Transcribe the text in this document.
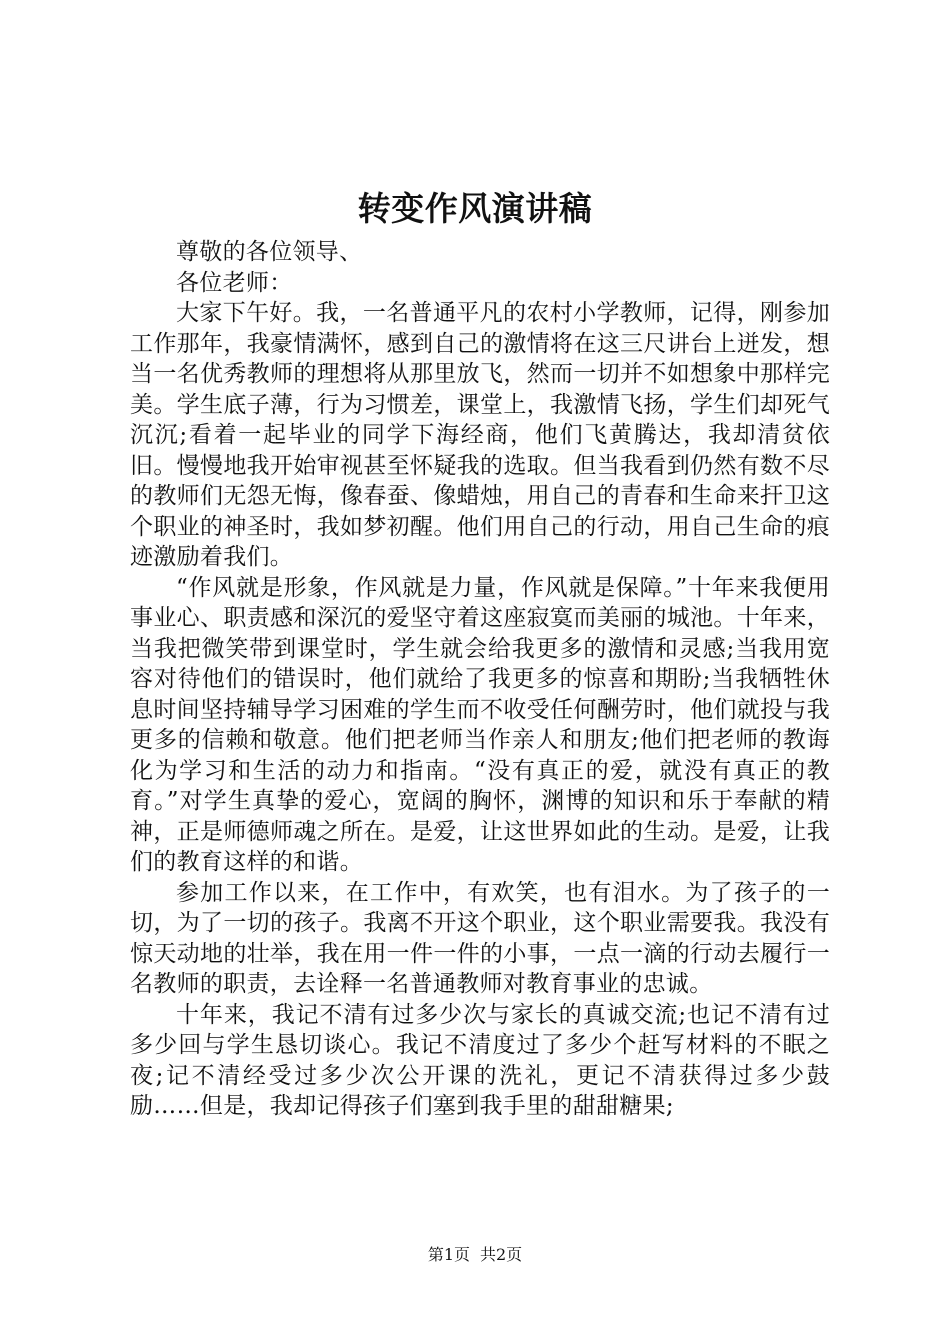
转变作风演讲稿

尊敬的各位领导、

各位老师：

大家下午好。我，一名普通平凡的农村小学教师，记得，刚参加工作那年，我豪情满怀，感到自己的激情将在这三尺讲台上迸发，想当一名优秀教师的理想将从那里放飞，然而一切并不如想象中那样完美。学生底子薄，行为习惯差，课堂上，我激情飞扬，学生们却死气沉沉;看着一起毕业的同学下海经商，他们飞黄腾达，我却清贫依旧。慢慢地我开始审视甚至怀疑我的选取。但当我看到仍然有数不尽的教师们无怨无悔，像春蚕、像蜡烛，用自己的青春和生命来扞卫这个职业的神圣时，我如梦初醒。他们用自己的行动，用自己生命的痕迹激励着我们。

“作风就是形象，作风就是力量，作风就是保障。”十年来我便用事业心、职责感和深沉的爱坚守着这座寂寞而美丽的城池。十年来，当我把微笑带到课堂时，学生就会给我更多的激情和灵感;当我用宽容对待他们的错误时，他们就给了我更多的惊喜和期盼;当我牺牲休息时间坚持辅导学习困难的学生而不收受任何酬劳时，他们就投与我更多的信赖和敬意。他们把老师当作亲人和朋友;他们把老师的教诲化为学习和生活的动力和指南。“没有真正的爱，就没有真正的教育。”对学生真挚的爱心，宽阔的胸怀，渊博的知识和乐于奉献的精神，正是师德师魂之所在。是爱，让这世界如此的生动。是爱，让我们的教育这样的和谐。

参加工作以来，在工作中，有欢笑，也有泪水。为了孩子的一切，为了一切的孩子。我离不开这个职业，这个职业需要我。我没有惊天动地的壮举，我在用一件一件的小事，一点一滴的行动去履行一名教师的职责，去诠释一名普通教师对教育事业的忠诚。

十年来，我记不清有过多少次与家长的真诚交流;也记不清有过多少回与学生恳切谈心。我记不清度过了多少个赶写材料的不眠之夜;记不清经受过多少次公开课的洗礼，更记不清获得过多少鼓励……但是，我却记得孩子们塞到我手里的甜甜糖果;

第1页 共2页
